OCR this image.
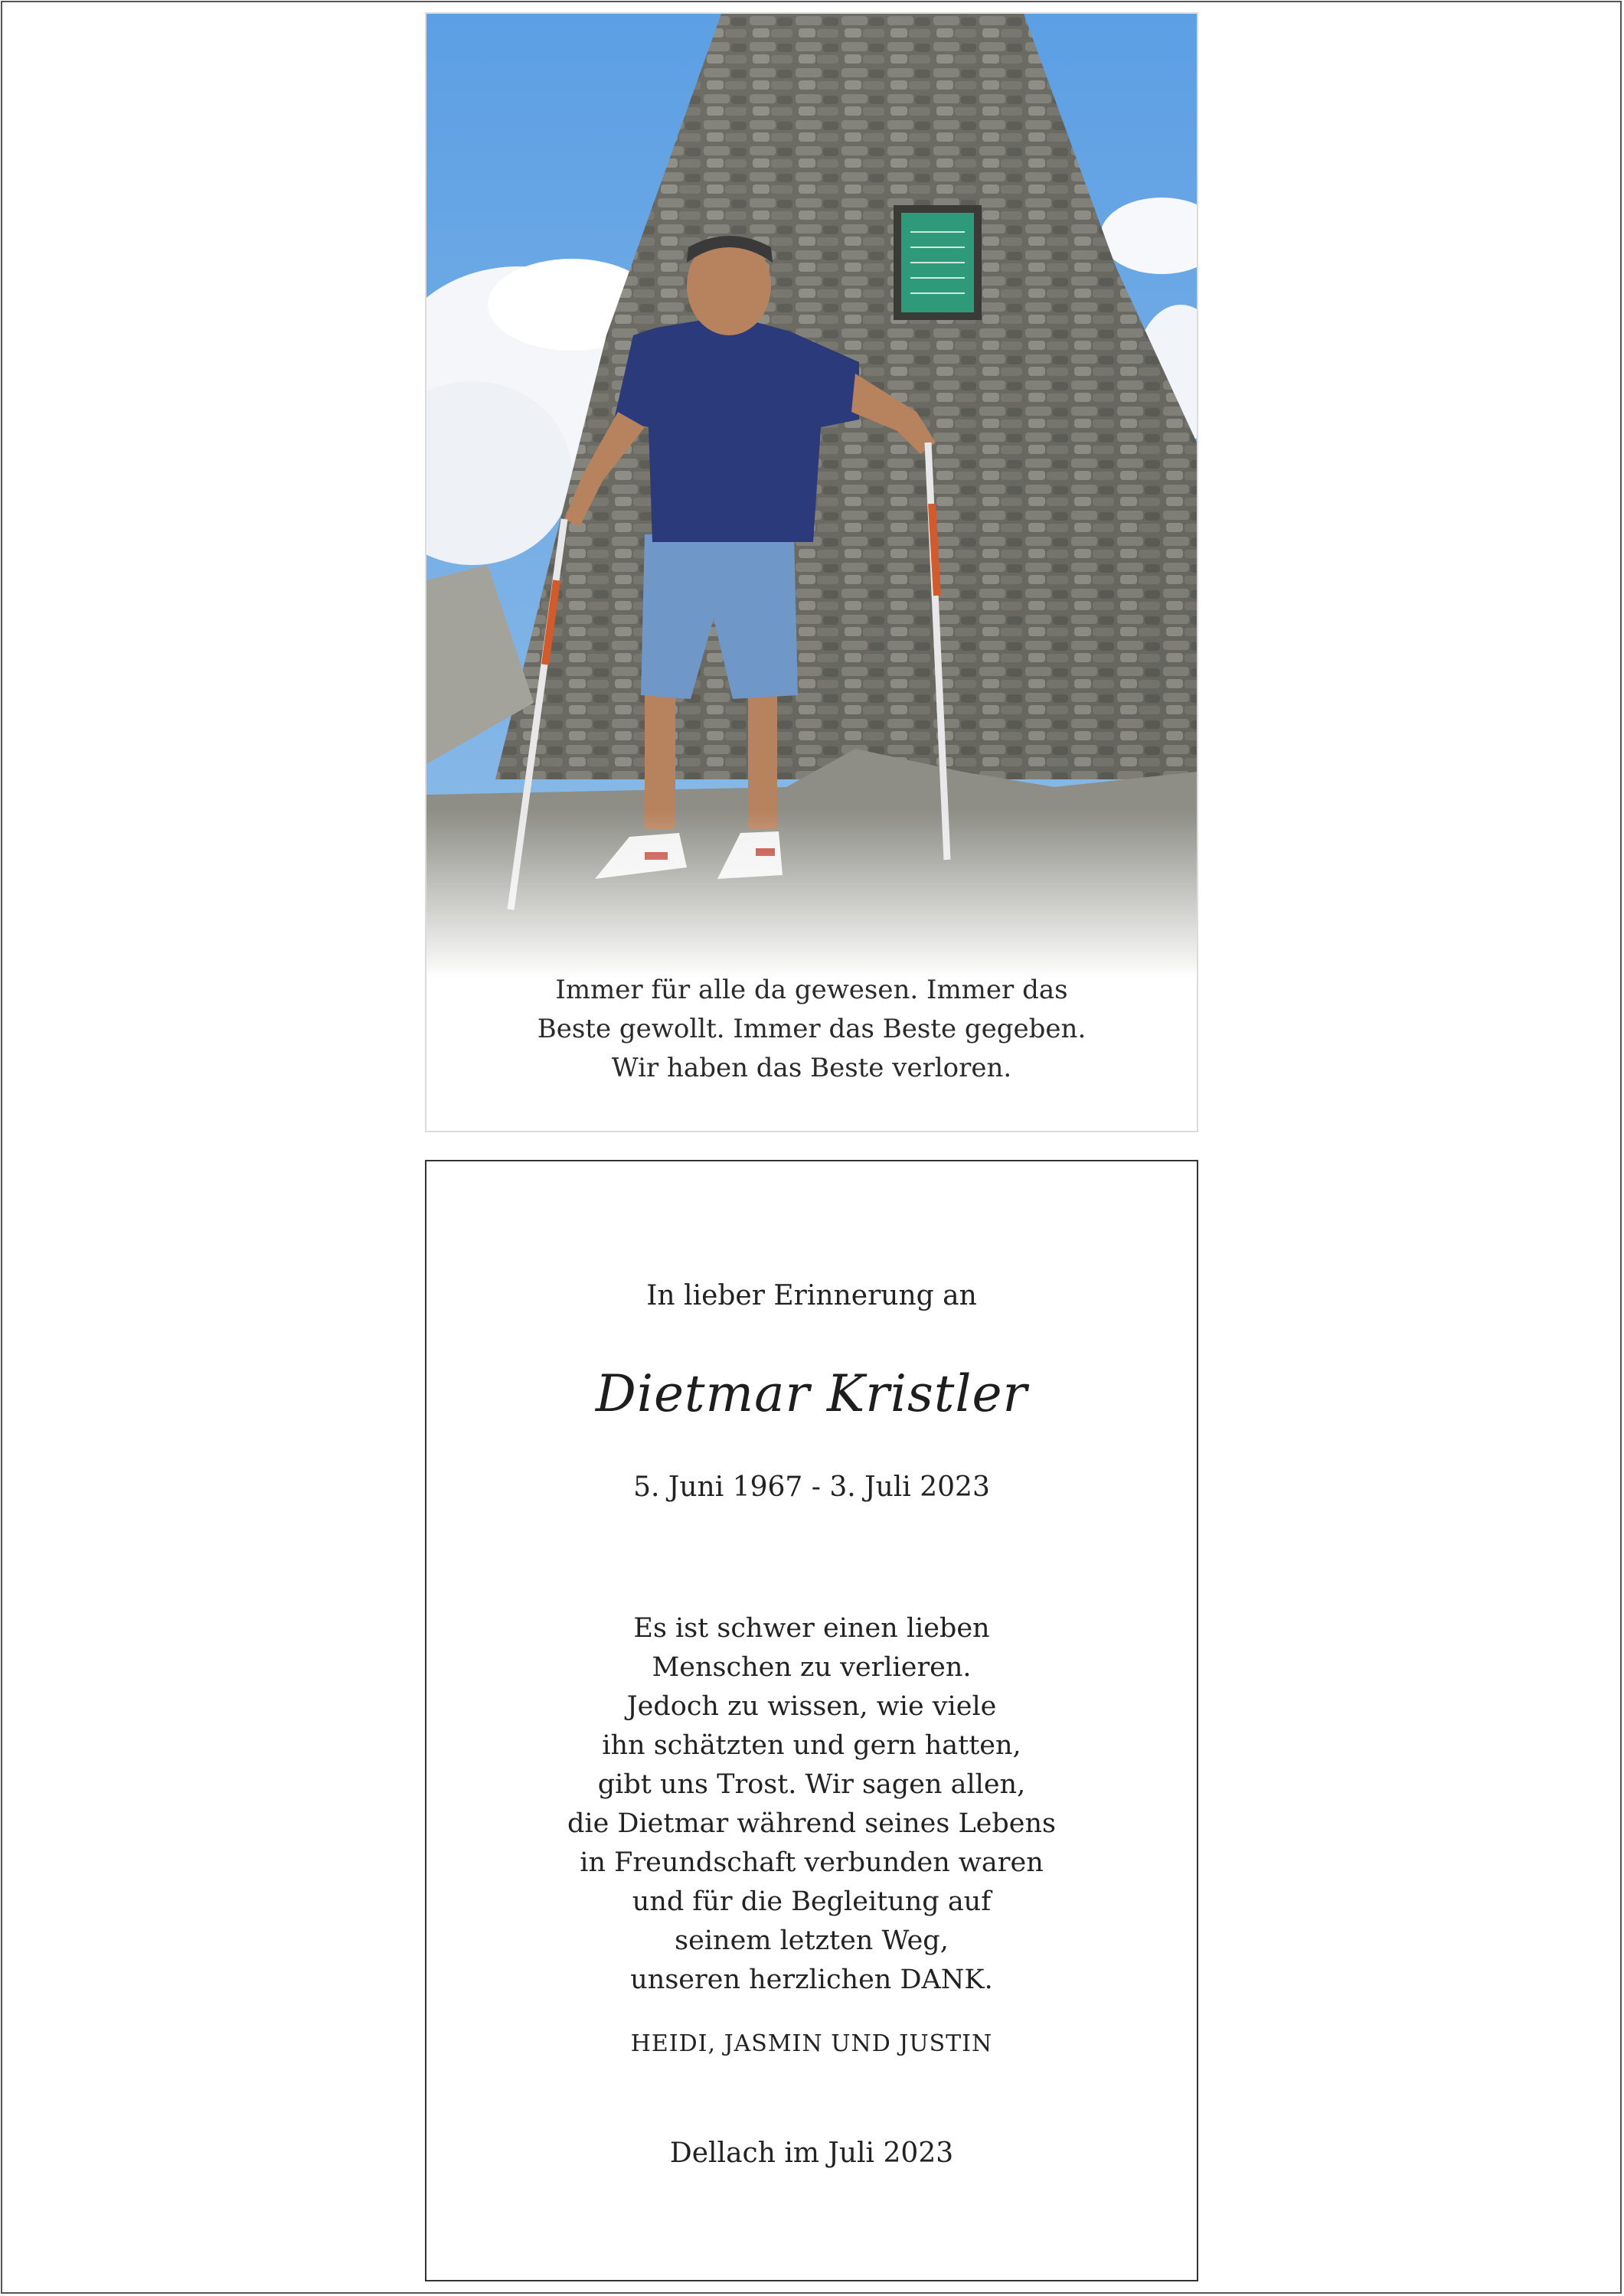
Immer für alle da gewesen. Immer das
Beste gewollt. Immer das Beste gegeben.
Wir haben das Beste verloren.
In lieber Erinnerung an
Dietmar Kristler
5. Juni 1967 - 3. Juli 2023
Es ist schwer einen lieben
Menschen zu verlieren.
Jedoch zu wissen, wie viele
ihn schätzten und gern hatten,
gibt uns Trost. Wir sagen allen,
die Dietmar während seines Lebens
in Freundschaft verbunden waren
und für die Begleitung auf
seinem letzten Weg,
unseren herzlichen DANK.
HEIDI, JASMIN UND JUSTIN
Dellach im Juli 2023
